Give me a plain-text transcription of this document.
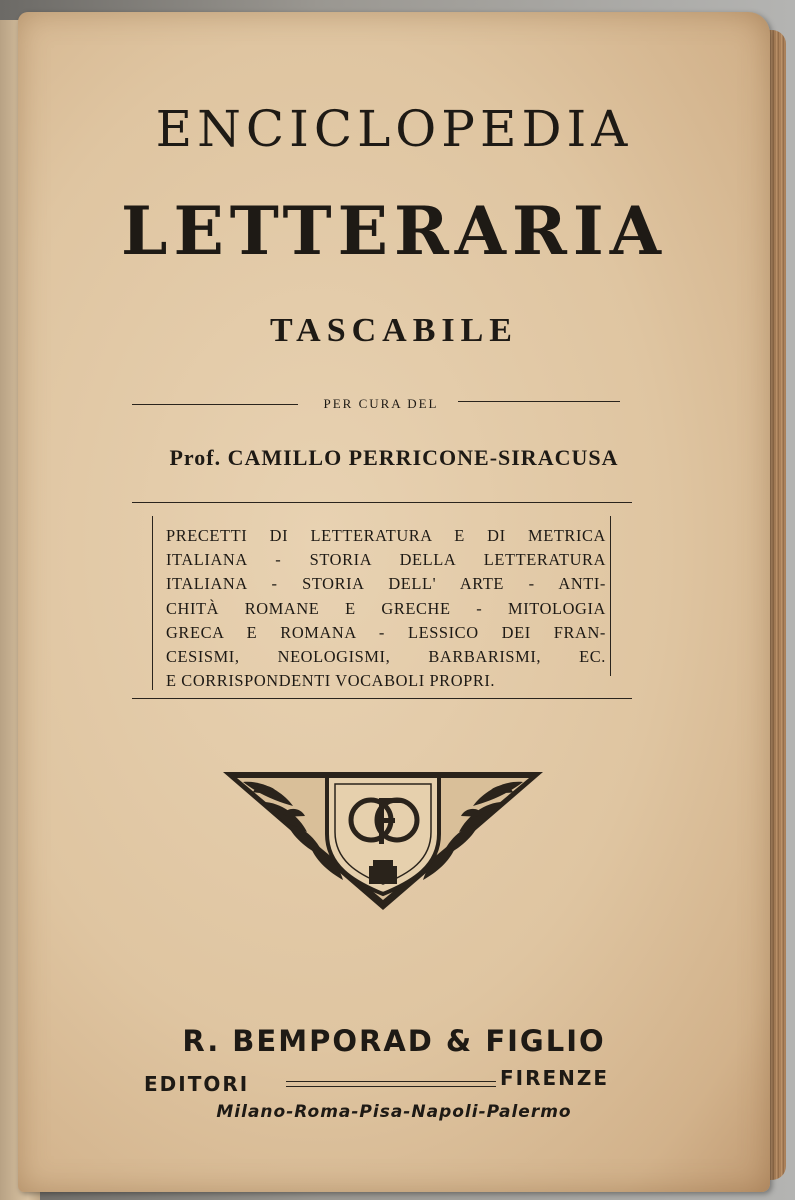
ENCICLOPEDIA
LETTERARIA
TASCABILE
PER CURA DEL
Prof. CAMILLO PERRICONE-SIRACUSA
PRECETTI DI LETTERATURA E DI METRICA
ITALIANA - STORIA DELLA LETTERATURA
ITALIANA - STORIA DELL' ARTE - ANTI-
CHITÀ ROMANE E GRECHE - MITOLOGIA
GRECA E ROMANA - LESSICO DEI FRAN-
CESISMI, NEOLOGISMI, BARBARISMI, EC.
E CORRISPONDENTI VOCABOLI PROPRI.
R. BEMPORAD & FIGLIO
EDITORI	FIRENZE
Milano-Roma-Pisa-Napoli-Palermo
